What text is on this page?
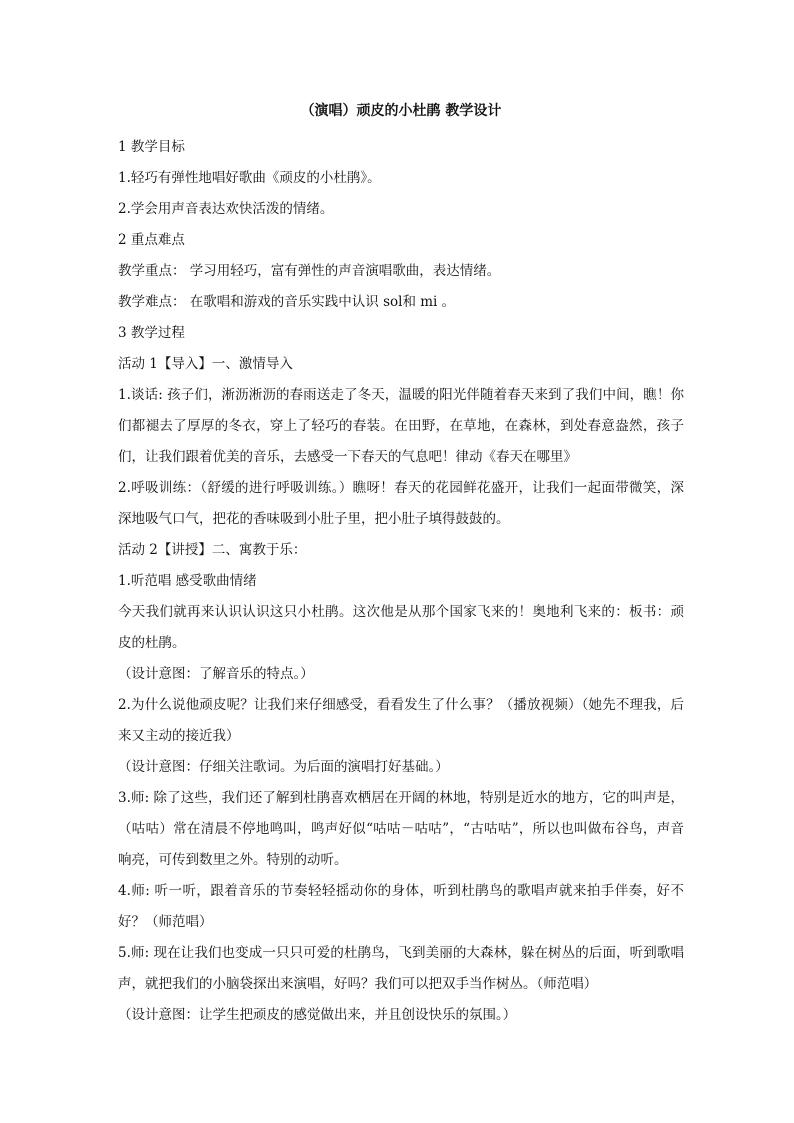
（演唱）顽皮的小杜鹃 教学设计
1 教学目标
1.轻巧有弹性地唱好歌曲《顽皮的小杜鹃》。
2.学会用声音表达欢快活泼的情绪。
2 重点难点
教学重点： 学习用轻巧，富有弹性的声音演唱歌曲，表达情绪。
教学难点： 在歌唱和游戏的音乐实践中认识 sol和 mi 。
3 教学过程
活动 1【导入】一、激情导入
1.谈话: 孩子们，淅沥淅沥的春雨送走了冬天，温暖的阳光伴随着春天来到了我们中间，瞧！你们都褪去了厚厚的冬衣，穿上了轻巧的春装。在田野，在草地，在森林，到处春意盎然，孩子们，让我们跟着优美的音乐，去感受一下春天的气息吧！律动《春天在哪里》
2.呼吸训练：（舒缓的进行呼吸训练。）瞧呀！春天的花园鲜花盛开，让我们一起面带微笑，深深地吸气口气，把花的香味吸到小肚子里，把小肚子填得鼓鼓的。
活动 2【讲授】二、寓教于乐：
1.听范唱 感受歌曲情绪
今天我们就再来认识认识这只小杜鹃。这次他是从那个国家飞来的！奥地利飞来的：板书：顽皮的杜鹃。
（设计意图：了解音乐的特点。）
2.为什么说他顽皮呢？让我们来仔细感受，看看发生了什么事？（播放视频）（她先不理我，后来又主动的接近我）
（设计意图：仔细关注歌词。为后面的演唱打好基础。）
3.师: 除了这些，我们还了解到杜鹃喜欢栖居在开阔的林地，特别是近水的地方，它的叫声是，（咕咕）常在清晨不停地鸣叫，鸣声好似“咕咕－咕咕”，“古咕咕”，所以也叫做布谷鸟，声音响亮，可传到数里之外。特别的动听。
4.师: 听一听，跟着音乐的节奏轻轻摇动你的身体，听到杜鹃鸟的歌唱声就来拍手伴奏，好不好？（师范唱）
5.师: 现在让我们也变成一只只可爱的杜鹃鸟，飞到美丽的大森林，躲在树丛的后面，听到歌唱声，就把我们的小脑袋探出来演唱，好吗？我们可以把双手当作树丛。（师范唱）
（设计意图：让学生把顽皮的感觉做出来，并且创设快乐的氛围。）
